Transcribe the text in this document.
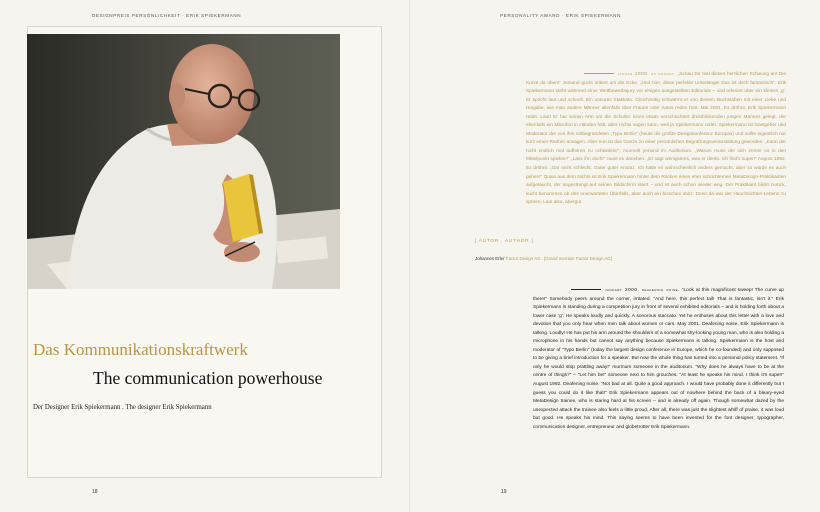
DESIGNPREIS PERSÖNLICHKEIT · ERIK SPIEKERMANN
Das Kommunikationskraftwerk
The communication powerhouse
Der Designer Erik Spiekermann . The designer Erik Spiekermann
18
PERSONALITY AWARD · ERIK SPIEKERMANN
januar 2000. es dröhnt. „Schau Dir mal diesen herrlichen Schwung an! Die Kurve da oben!“ Jemand guckt irritiert um die Ecke. „Und hier, diese perfekte Unterlänge! Das ist doch fantastisch“. Erik Spiekermann steht während einer Wettbewerbsjury vor einigen ausgestellten Editorials – und referiert über ein kleines ‚g‘. Er spricht laut und schnell. Ein sonores Stakkato. Gleichzeitig schwärmt er von diesem Buchstaben mit einer Liebe und Hingabe, wie man andere Männer allenfalls über Frauen oder Autos reden hört. Mai 2001. Es dröhnt. Erik Spiekermann redet. Laut! Er hat seinen Arm um die Schulter eines etwas verschüchtert dreinblickenden jungen Mannes gelegt, der ebenfalls ein Mikrofon in Händen hält, aber nichts sagen kann, weil ja Spiekermann redet. Spiekermann ist Gastgeber und Moderator der von ihm mitbegründeten „Typo Berlin“ (heute die größte Designkonferenz Europas) und sollte eigentlich nur kurz einen Redner ansagen. Aber nun ist das Ganze zu einer persönlichen Begrüßungsveranstaltung geworden. „Kann der nicht endlich mal aufhören zu schwafeln!“, murmelt jemand im Auditorium. „Warum muss der sich immer so in den Mittelpunkt spielen?“ „Lass ihn doch!“ raunt es daneben. „Er sagt wenigstens, was er denkt. Ich find's super!“ August 1992. Es dröhnt. „Gar nicht schlecht. Guter guter Ansatz. Ich hätte es wahrscheinlich anders gemacht, aber so würde es auch gehen!“ Quasi aus dem Nichts ist Erik Spiekermann hinter dem Rücken eines eher schüchternen MetaDesign-Praktikanten aufgetaucht, der angestrengt auf seinen Bildschirm starrt – und ist auch schon wieder weg. Der Praktikant blickt zurück, leicht benommen ob des unerwarteten Überfalls, aber auch ein bisschen stolz. Denn da war der Hauchsichten-Lebens zu spüren. Laut also, abergut.
[ AUTOR . AUTHOR ]
Johannes Erler Factor Design AG . [Grand member Factor Design AG]
january 2000. deafening noise. “Look at this magnificent sweep! The curve up there!” Somebody peers around the corner, irritated. “And here, this perfect tail! That is fantastic, isn't it.” Erik Spiekermann is standing during a competition jury in front of several exhibited editorials – and is holding forth about a lower case ‘g’. He speaks loudly and quickly. A sonorous staccato. Yet he enthuses about this letter with a love and devotion that you only hear when men talk about women or cars. May 2001. Deafening noise. Erik Spiekermann is talking. Loudly! He has put his arm around the shoulders of a somewhat shy-looking young man, who is also holding a microphone in his hands but cannot say anything because Spiekermann is talking. Spiekermann is the host and moderator of “Typo Berlin” (today the largest design conference in Europe, which he co-founded) and only supposed to be giving a brief introduction for a speaker. But now the whole thing has turned into a personal policy statement. “If only he would stop prattling away!” murmurs someone in the auditorium. “Why does he always have to be at the centre of things?” – “Let him be!” someone next to him grouches. “At least he speaks his mind. I think it's super!” August 1992. Deafening noise. “Not bad at all. Quite a good approach. I would have probably done it differently but I guess you could do it like that!” Erik Spiekermann appears out of nowhere behind the back of a bleary-eyed MetaDesign trainee, who is staring hard at his screen – and is already off again. Though somewhat dazed by the unexpected attack the trainee also feels a little proud. After all, there was just the slightest whiff of praise, it was loud but good. He speaks his mind. This saying seems to have been invented for the font designer, typographer, communication designer, entrepreneur and globetrotter Erik Spiekermann.
19
